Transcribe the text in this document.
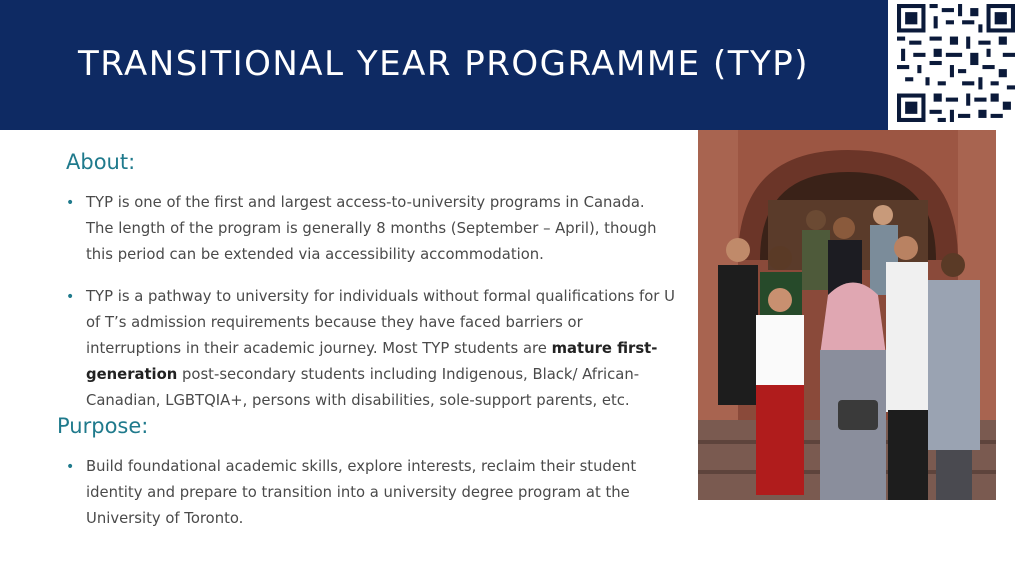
TRANSITIONAL YEAR PROGRAMME (TYP)
About:
• TYP is one of the first and largest access-to-university programs in Canada. The length of the program is generally 8 months (September – April), though this period can be extended via accessibility accommodation.
• TYP is a pathway to university for individuals without formal qualifications for U of T’s admission requirements because they have faced barriers or interruptions in their academic journey. Most TYP students are mature first-generation post-secondary students including Indigenous, Black/ African-Canadian, LGBTQIA+, persons with disabilities, sole-support parents, etc.
Purpose:
• Build foundational academic skills, explore interests, reclaim their student identity and prepare to transition into a university degree program at the University of Toronto.
